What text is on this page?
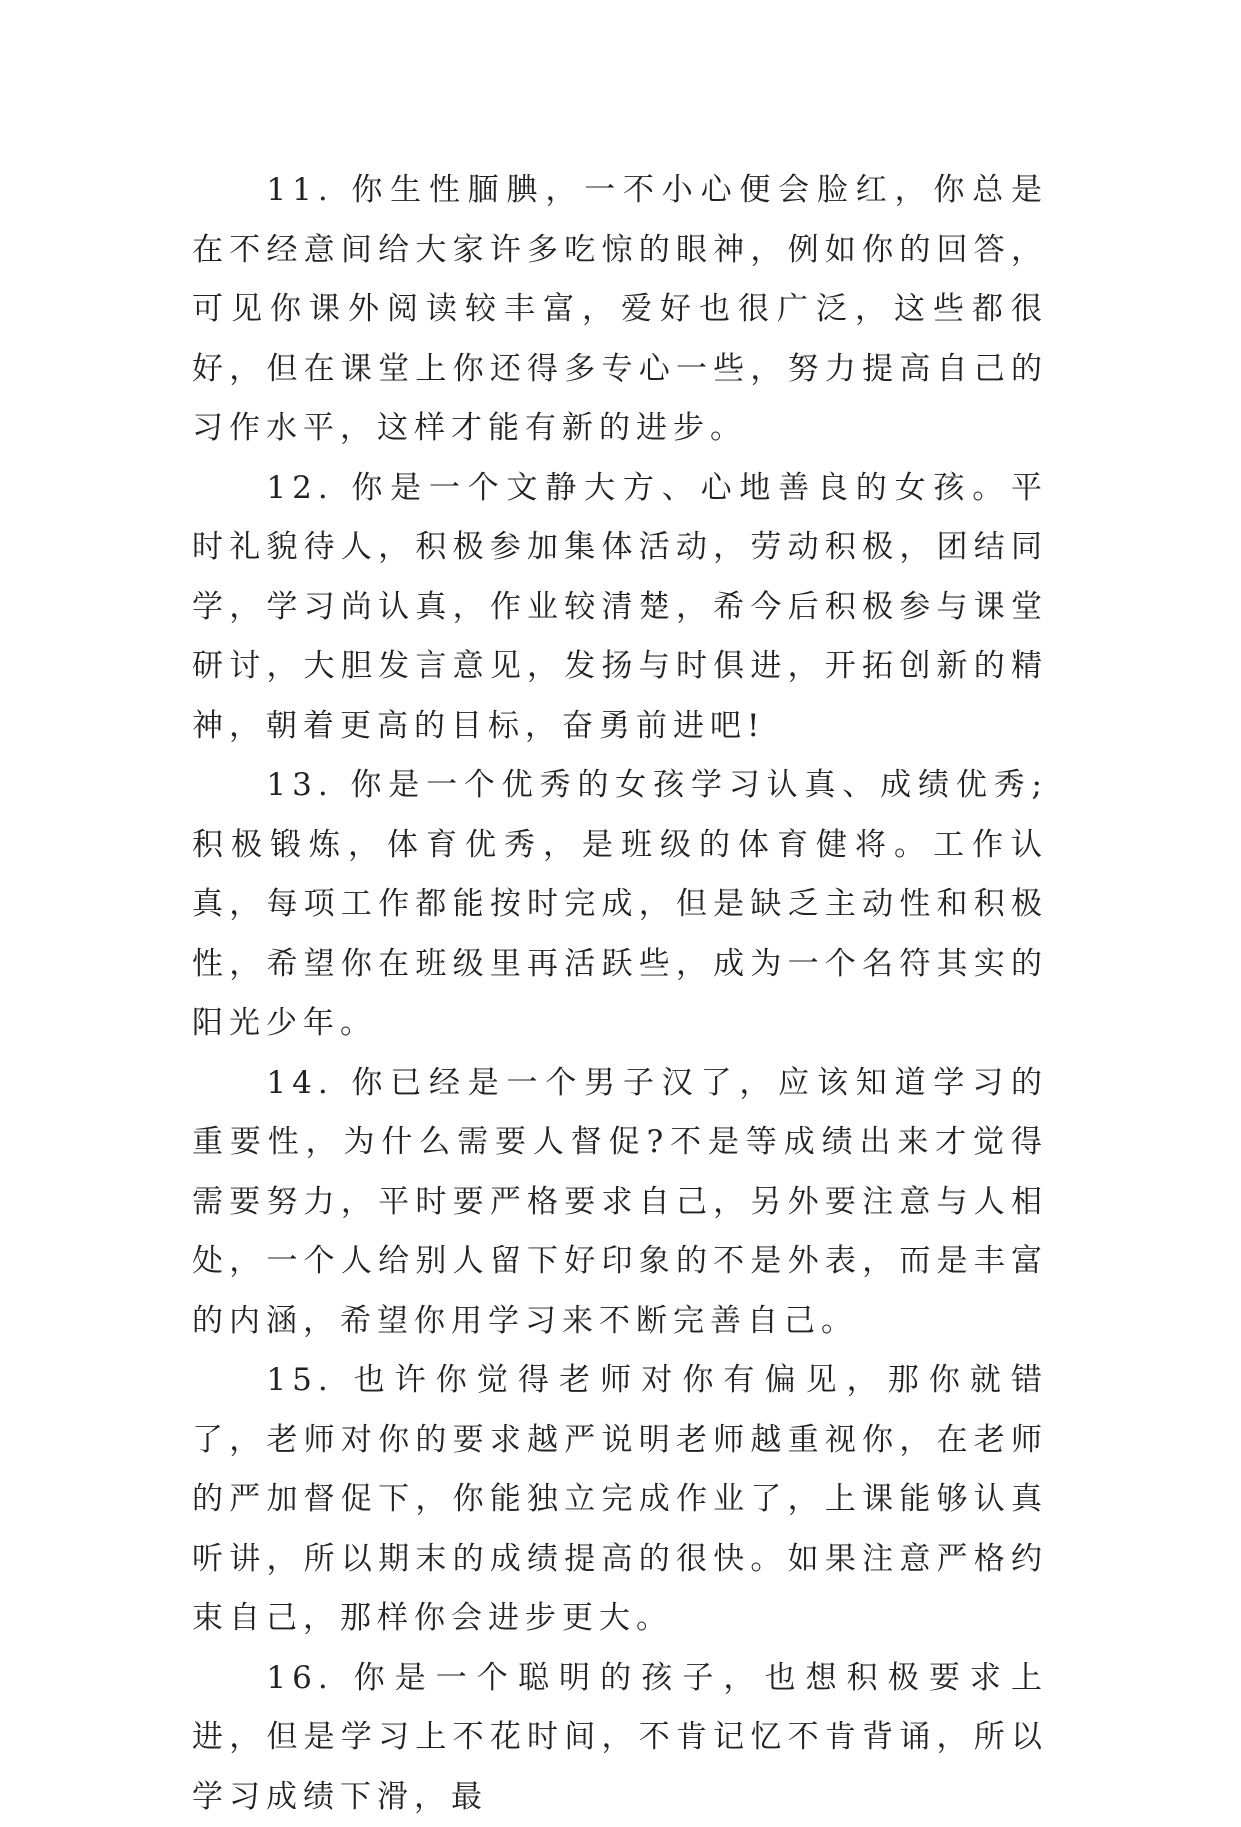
11. 你生性腼腆，一不小心便会脸红，你总是在不经意间给大家许多吃惊的眼神，例如你的回答，可见你课外阅读较丰富，爱好也很广泛，这些都很好，但在课堂上你还得多专心一些，努力提高自己的习作水平，这样才能有新的进步。

12. 你是一个文静大方、心地善良的女孩。平时礼貌待人，积极参加集体活动，劳动积极，团结同学，学习尚认真，作业较清楚，希今后积极参与课堂研讨，大胆发言意见，发扬与时俱进，开拓创新的精神，朝着更高的目标，奋勇前进吧!

13. 你是一个优秀的女孩学习认真、成绩优秀;积极锻炼，体育优秀，是班级的体育健将。工作认真，每项工作都能按时完成，但是缺乏主动性和积极性，希望你在班级里再活跃些，成为一个名符其实的阳光少年。

14. 你已经是一个男子汉了，应该知道学习的重要性，为什么需要人督促?不是等成绩出来才觉得需要努力，平时要严格要求自己，另外要注意与人相处，一个人给别人留下好印象的不是外表，而是丰富的内涵，希望你用学习来不断完善自己。

15. 也许你觉得老师对你有偏见，那你就错了，老师对你的要求越严说明老师越重视你，在老师的严加督促下，你能独立完成作业了，上课能够认真听讲，所以期末的成绩提高的很快。如果注意严格约束自己，那样你会进步更大。

16. 你是一个聪明的孩子，也想积极要求上进，但是学习上不花时间，不肯记忆不肯背诵，所以学习成绩下滑，最
